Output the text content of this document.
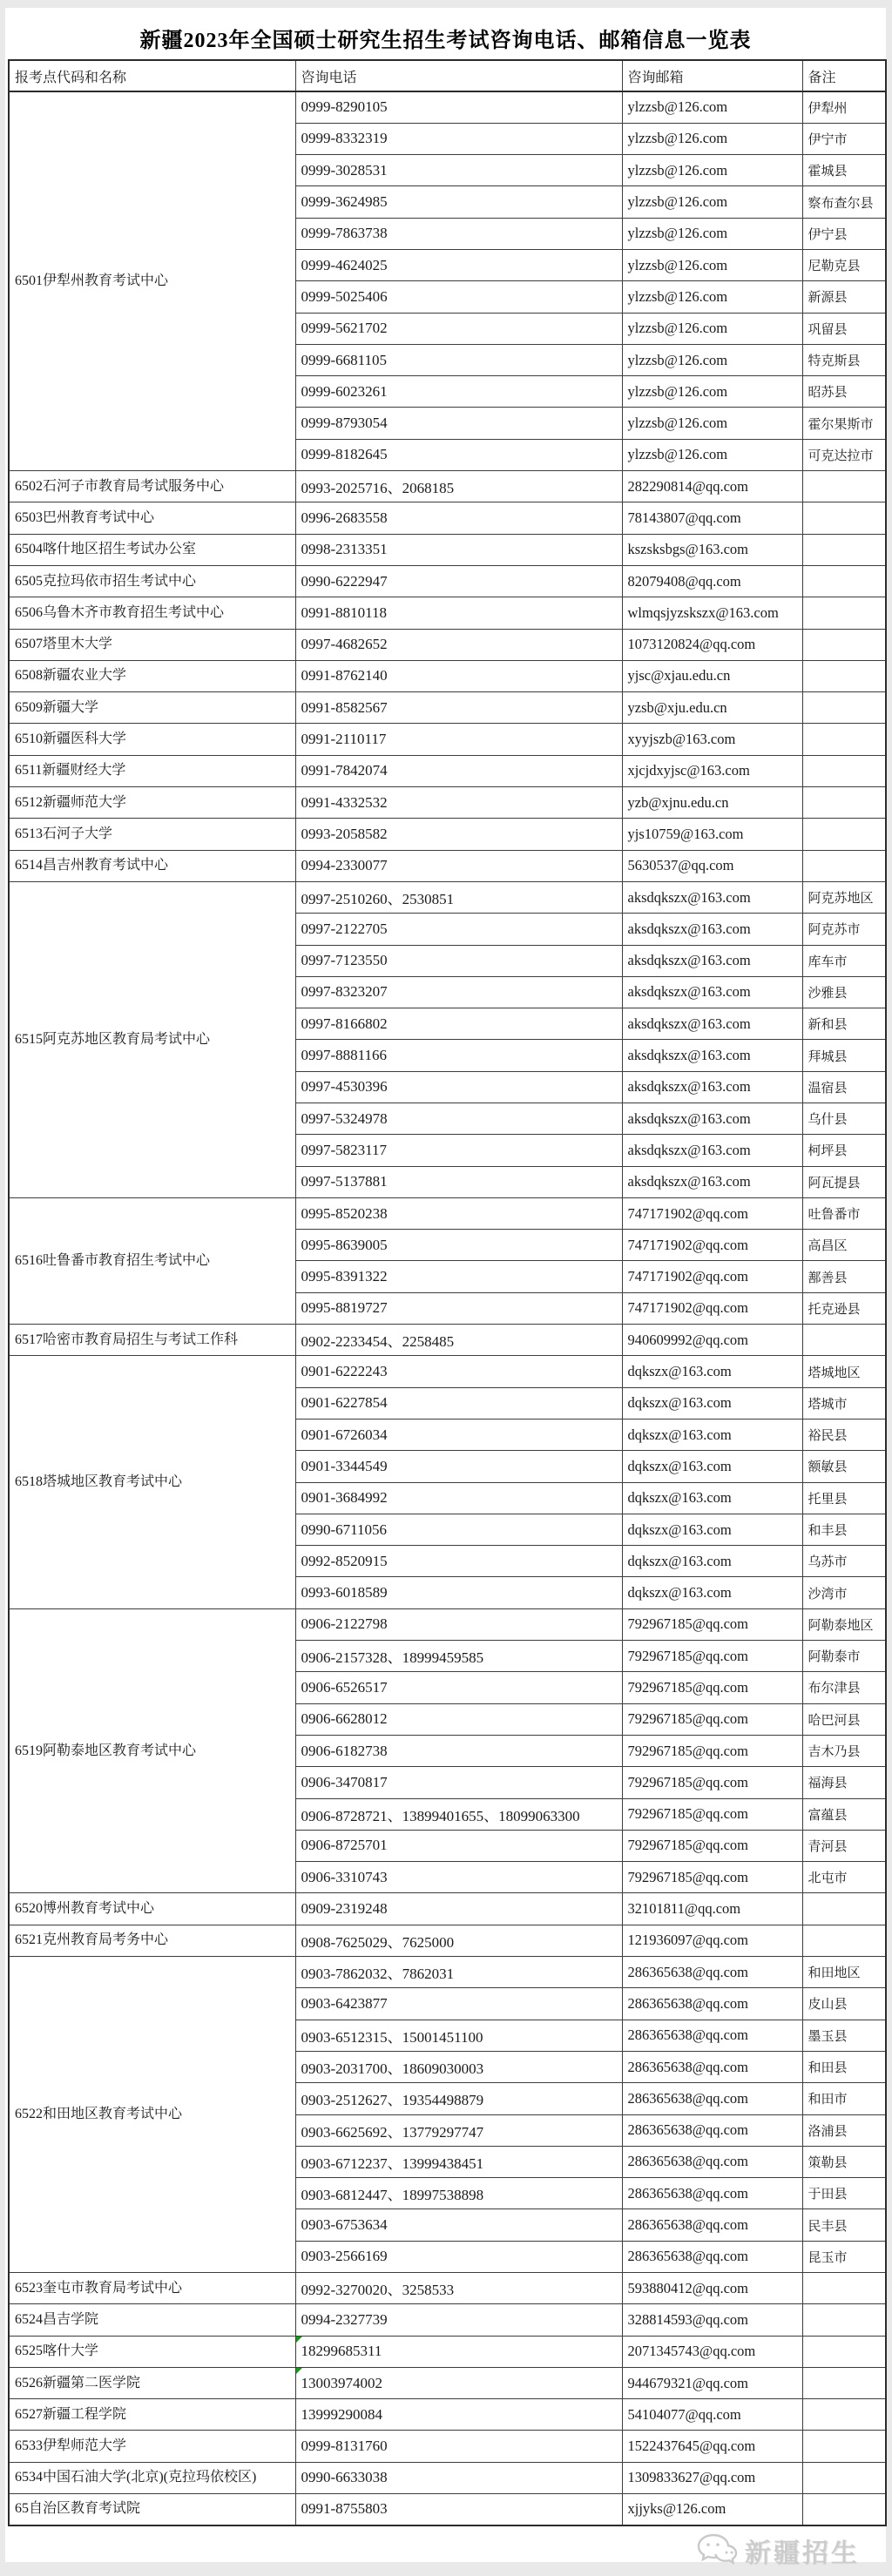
新疆2023年全国硕士研究生招生考试咨询电话、邮箱信息一览表
报考点代码和名称	咨询电话	咨询邮箱	备注
6501伊犁州教育考试中心	0999-8290105	ylzzsb@126.com	伊犁州
	0999-8332319	ylzzsb@126.com	伊宁市
	0999-3028531	ylzzsb@126.com	霍城县
	0999-3624985	ylzzsb@126.com	察布查尔县
	0999-7863738	ylzzsb@126.com	伊宁县
	0999-4624025	ylzzsb@126.com	尼勒克县
	0999-5025406	ylzzsb@126.com	新源县
	0999-5621702	ylzzsb@126.com	巩留县
	0999-6681105	ylzzsb@126.com	特克斯县
	0999-6023261	ylzzsb@126.com	昭苏县
	0999-8793054	ylzzsb@126.com	霍尔果斯市
	0999-8182645	ylzzsb@126.com	可克达拉市
6502石河子市教育局考试服务中心	0993-2025716、2068185	282290814@qq.com	
6503巴州教育考试中心	0996-2683558	78143807@qq.com	
6504喀什地区招生考试办公室	0998-2313351	kszsksbgs@163.com	
6505克拉玛依市招生考试中心	0990-6222947	82079408@qq.com	
6506乌鲁木齐市教育招生考试中心	0991-8810118	wlmqsjyzskszx@163.com	
6507塔里木大学	0997-4682652	1073120824@qq.com	
6508新疆农业大学	0991-8762140	yjsc@xjau.edu.cn	
6509新疆大学	0991-8582567	yzsb@xju.edu.cn	
6510新疆医科大学	0991-2110117	xyyjszb@163.com	
6511新疆财经大学	0991-7842074	xjcjdxyjsc@163.com	
6512新疆师范大学	0991-4332532	yzb@xjnu.edu.cn	
6513石河子大学	0993-2058582	yjs10759@163.com	
6514昌吉州教育考试中心	0994-2330077	5630537@qq.com	
6515阿克苏地区教育局考试中心	0997-2510260、2530851	aksdqkszx@163.com	阿克苏地区
	0997-2122705	aksdqkszx@163.com	阿克苏市
	0997-7123550	aksdqkszx@163.com	库车市
	0997-8323207	aksdqkszx@163.com	沙雅县
	0997-8166802	aksdqkszx@163.com	新和县
	0997-8881166	aksdqkszx@163.com	拜城县
	0997-4530396	aksdqkszx@163.com	温宿县
	0997-5324978	aksdqkszx@163.com	乌什县
	0997-5823117	aksdqkszx@163.com	柯坪县
	0997-5137881	aksdqkszx@163.com	阿瓦提县
6516吐鲁番市教育招生考试中心	0995-8520238	747171902@qq.com	吐鲁番市
	0995-8639005	747171902@qq.com	高昌区
	0995-8391322	747171902@qq.com	鄯善县
	0995-8819727	747171902@qq.com	托克逊县
6517哈密市教育局招生与考试工作科	0902-2233454、2258485	940609992@qq.com	
6518塔城地区教育考试中心	0901-6222243	dqkszx@163.com	塔城地区
	0901-6227854	dqkszx@163.com	塔城市
	0901-6726034	dqkszx@163.com	裕民县
	0901-3344549	dqkszx@163.com	额敏县
	0901-3684992	dqkszx@163.com	托里县
	0990-6711056	dqkszx@163.com	和丰县
	0992-8520915	dqkszx@163.com	乌苏市
	0993-6018589	dqkszx@163.com	沙湾市
6519阿勒泰地区教育考试中心	0906-2122798	792967185@qq.com	阿勒泰地区
	0906-2157328、18999459585	792967185@qq.com	阿勒泰市
	0906-6526517	792967185@qq.com	布尔津县
	0906-6628012	792967185@qq.com	哈巴河县
	0906-6182738	792967185@qq.com	吉木乃县
	0906-3470817	792967185@qq.com	福海县
	0906-8728721、13899401655、18099063300	792967185@qq.com	富蕴县
	0906-8725701	792967185@qq.com	青河县
	0906-3310743	792967185@qq.com	北屯市
6520博州教育考试中心	0909-2319248	32101811@qq.com	
6521克州教育局考务中心	0908-7625029、7625000	121936097@qq.com	
6522和田地区教育考试中心	0903-7862032、7862031	286365638@qq.com	和田地区
	0903-6423877	286365638@qq.com	皮山县
	0903-6512315、15001451100	286365638@qq.com	墨玉县
	0903-2031700、18609030003	286365638@qq.com	和田县
	0903-2512627、19354498879	286365638@qq.com	和田市
	0903-6625692、13779297747	286365638@qq.com	洛浦县
	0903-6712237、13999438451	286365638@qq.com	策勒县
	0903-6812447、18997538898	286365638@qq.com	于田县
	0903-6753634	286365638@qq.com	民丰县
	0903-2566169	286365638@qq.com	昆玉市
6523奎屯市教育局考试中心	0992-3270020、3258533	593880412@qq.com	
6524昌吉学院	0994-2327739	328814593@qq.com	
6525喀什大学	18299685311	2071345743@qq.com	
6526新疆第二医学院	13003974002	944679321@qq.com	
6527新疆工程学院	13999290084	54104077@qq.com	
6533伊犁师范大学	0999-8131760	1522437645@qq.com	
6534中国石油大学(北京)(克拉玛依校区)	0990-6633038	1309833627@qq.com	
65自治区教育考试院	0991-8755803	xjjyks@126.com	
新疆招生
